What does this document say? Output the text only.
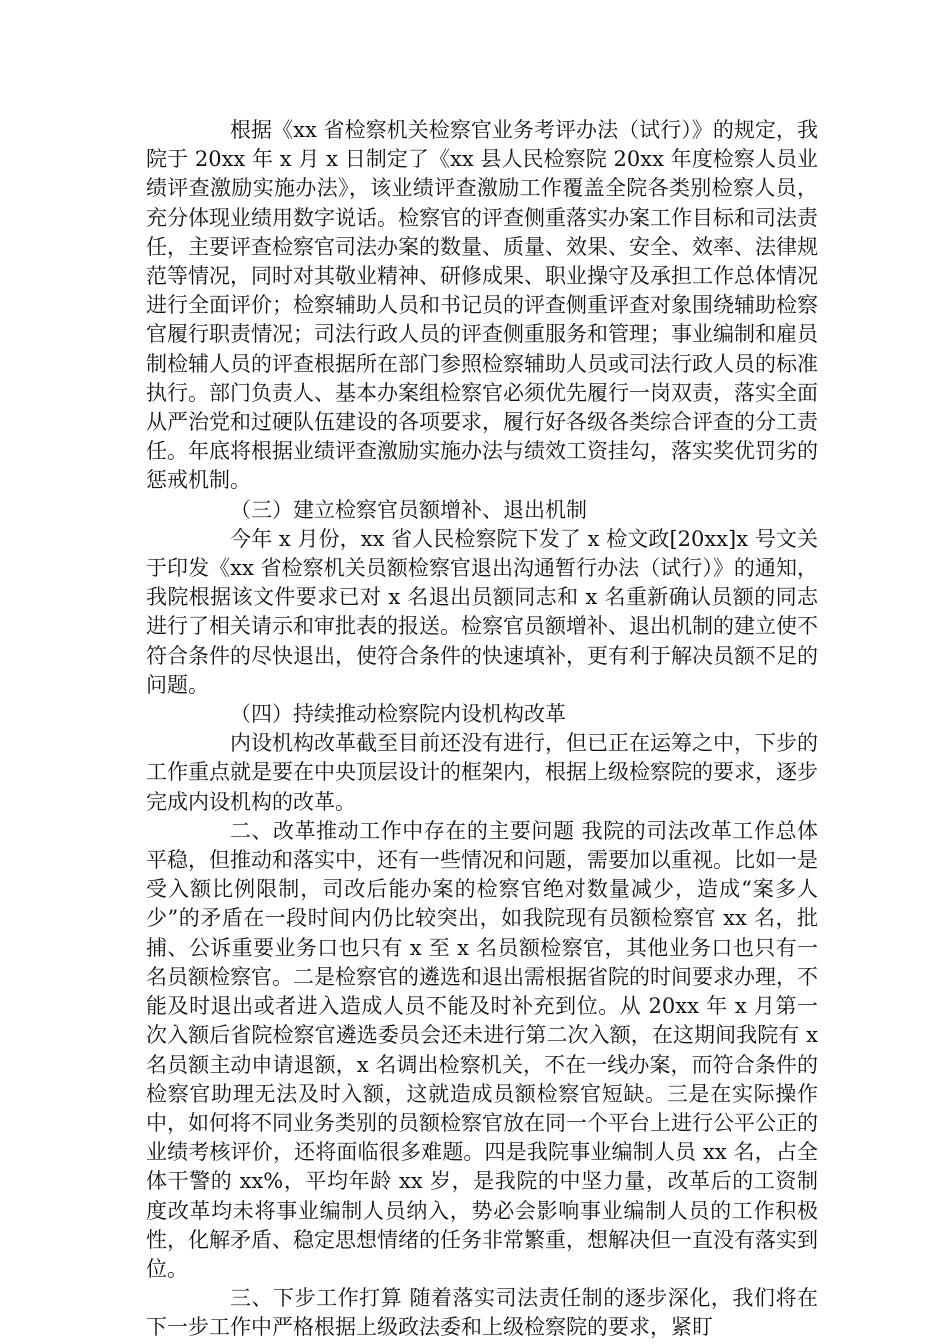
根据《xx 省检察机关检察官业务考评办法（试行）》的规定，我院于 20xx 年 x 月 x 日制定了《xx 县人民检察院 20xx 年度检察人员业绩评查激励实施办法》，该业绩评查激励工作覆盖全院各类别检察人员，充分体现业绩用数字说话。检察官的评查侧重落实办案工作目标和司法责任，主要评查检察官司法办案的数量、质量、效果、安全、效率、法律规范等情况，同时对其敬业精神、研修成果、职业操守及承担工作总体情况进行全面评价；检察辅助人员和书记员的评查侧重评查对象围绕辅助检察官履行职责情况；司法行政人员的评查侧重服务和管理；事业编制和雇员制检辅人员的评查根据所在部门参照检察辅助人员或司法行政人员的标准执行。部门负责人、基本办案组检察官必须优先履行一岗双责，落实全面从严治党和过硬队伍建设的各项要求，履行好各级各类综合评查的分工责任。年底将根据业绩评查激励实施办法与绩效工资挂勾，落实奖优罚劣的惩戒机制。

（三）建立检察官员额增补、退出机制

今年 x 月份，xx 省人民检察院下发了 x 检文政[20xx]x 号文关于印发《xx 省检察机关员额检察官退出沟通暂行办法（试行）》的通知，我院根据该文件要求已对 x 名退出员额同志和 x 名重新确认员额的同志进行了相关请示和审批表的报送。检察官员额增补、退出机制的建立使不符合条件的尽快退出，使符合条件的快速填补，更有利于解决员额不足的问题。

（四）持续推动检察院内设机构改革

内设机构改革截至目前还没有进行，但已正在运筹之中，下步的工作重点就是要在中央顶层设计的框架内，根据上级检察院的要求，逐步完成内设机构的改革。

二、改革推动工作中存在的主要问题 我院的司法改革工作总体平稳，但推动和落实中，还有一些情况和问题，需要加以重视。比如一是受入额比例限制，司改后能办案的检察官绝对数量减少，造成“案多人少”的矛盾在一段时间内仍比较突出，如我院现有员额检察官 xx 名，批捕、公诉重要业务口也只有 x 至 x 名员额检察官，其他业务口也只有一名员额检察官。二是检察官的遴选和退出需根据省院的时间要求办理，不能及时退出或者进入造成人员不能及时补充到位。从 20xx 年 x 月第一次入额后省院检察官遴选委员会还未进行第二次入额，在这期间我院有 x 名员额主动申请退额，x 名调出检察机关，不在一线办案，而符合条件的检察官助理无法及时入额，这就造成员额检察官短缺。三是在实际操作中，如何将不同业务类别的员额检察官放在同一个平台上进行公平公正的业绩考核评价，还将面临很多难题。四是我院事业编制人员 xx 名，占全体干警的 xx%，平均年龄 xx 岁，是我院的中坚力量，改革后的工资制度改革均未将事业编制人员纳入，势必会影响事业编制人员的工作积极性，化解矛盾、稳定思想情绪的任务非常繁重，想解决但一直没有落实到位。

三、下步工作打算 随着落实司法责任制的逐步深化，我们将在下一步工作中严格根据上级政法委和上级检察院的要求，紧盯
